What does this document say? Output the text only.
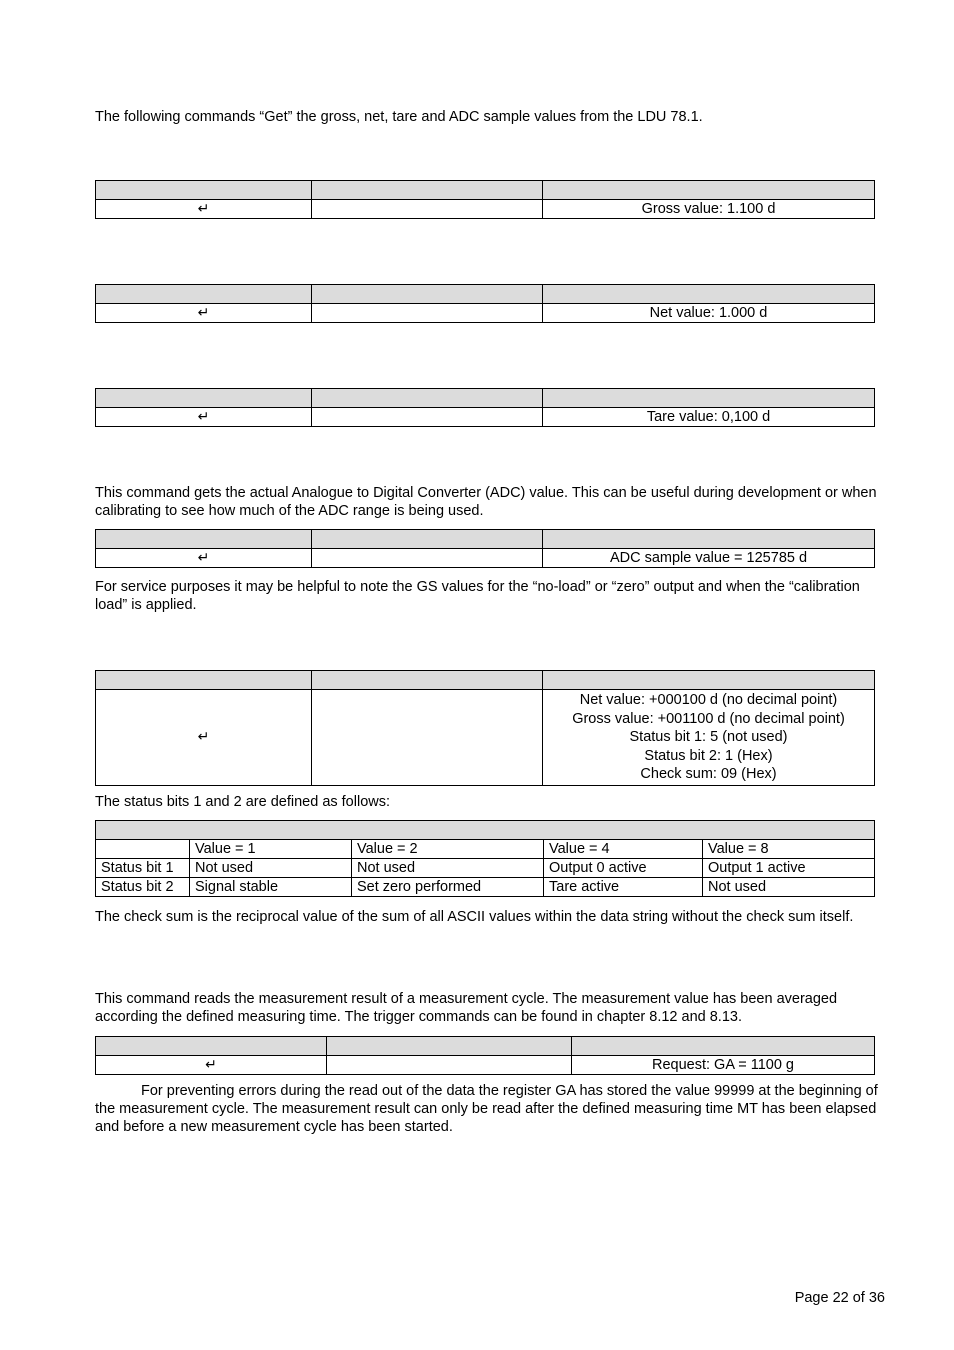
The following commands “Get” the gross, net, tare and ADC sample values from the LDU 78.1.

↵		Gross value: 1.100 d

↵		Net value: 1.000 d

↵		Tare value: 0,100 d

This command gets the actual Analogue to Digital Converter (ADC) value. This can be useful during development or when calibrating to see how much of the ADC range is being used.

↵		ADC sample value = 125785 d

For service purposes it may be helpful to note the GS values for the “no-load” or “zero” output and when the “calibration load” is applied.

↵		Net value: +000100 d (no decimal point)
Gross value: +001100 d (no decimal point)
Status bit 1: 5 (not used)
Status bit 2: 1 (Hex)
Check sum: 09 (Hex)

The status bits 1 and 2 are defined as follows:

	Value = 1	Value = 2	Value = 4	Value = 8
Status bit 1	Not used	Not used	Output 0 active	Output 1 active
Status bit 2	Signal stable	Set zero performed	Tare active	Not used

The check sum is the reciprocal value of the sum of all ASCII values within the data string without the check sum itself.

This command reads the measurement result of a measurement cycle. The measurement value has been averaged according the defined measuring time. The trigger commands can be found in chapter 8.12 and 8.13.

↵		Request: GA = 1100 g

For preventing errors during the read out of the data the register GA has stored the value 99999 at the beginning of the measurement cycle. The measurement result can only be read after the defined measuring time MT has been elapsed and before a new measurement cycle has been started.

Page 22 of 36
